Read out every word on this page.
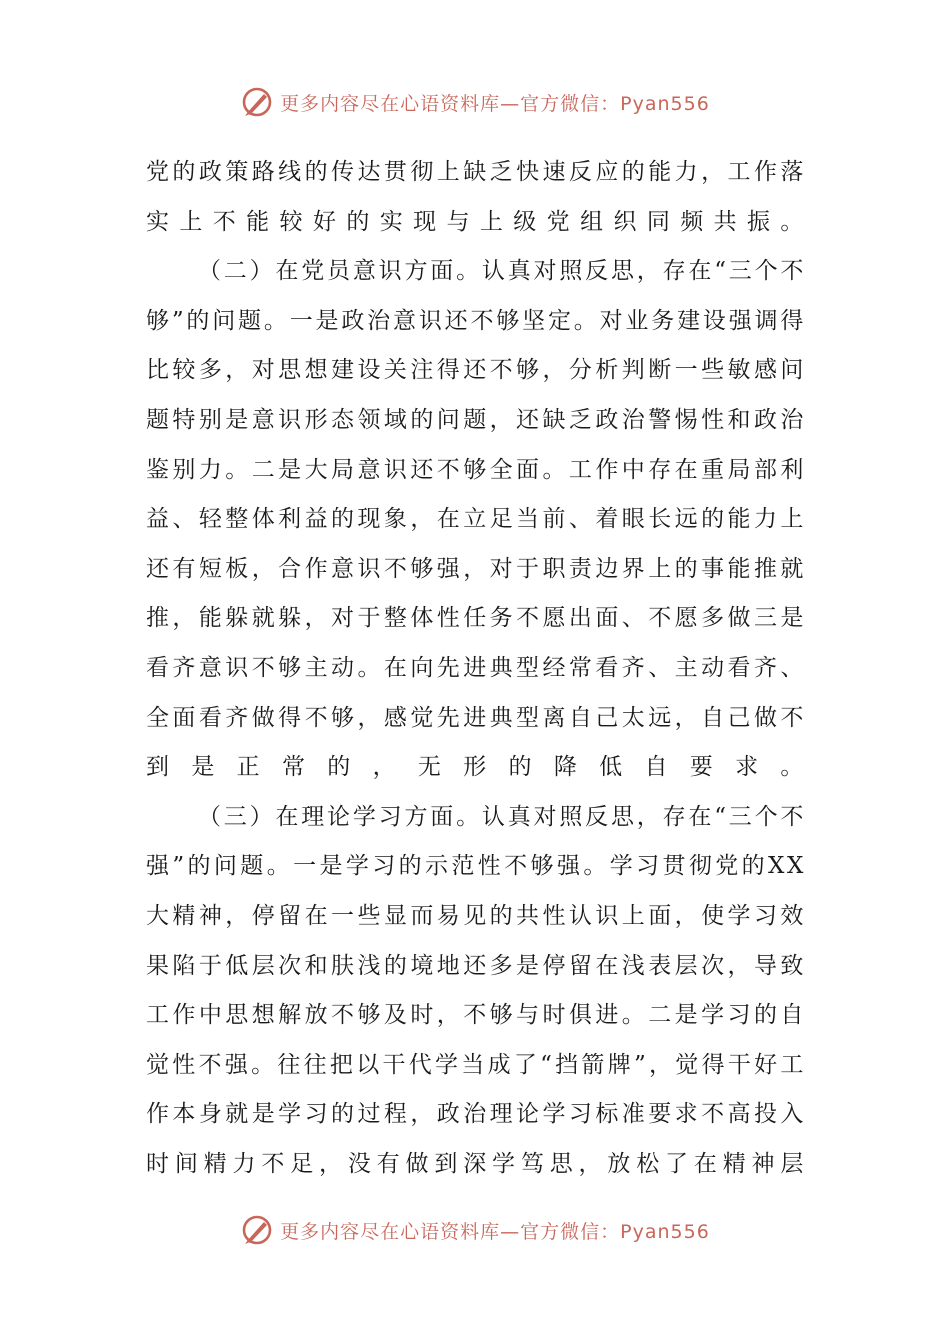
更多内容尽在心语资料库—官方微信：Pyan556

党的政策路线的传达贯彻上缺乏快速反应的能力，工作落实上不能较好的实现与上级党组织同频共振。

（二）在党员意识方面。认真对照反思，存在“三个不够”的问题。一是政治意识还不够坚定。对业务建设强调得比较多，对思想建设关注得还不够，分析判断一些敏感问题特别是意识形态领域的问题，还缺乏政治警惕性和政治鉴别力。二是大局意识还不够全面。工作中存在重局部利益、轻整体利益的现象，在立足当前、着眼长远的能力上还有短板，合作意识不够强，对于职责边界上的事能推就推，能躲就躲，对于整体性任务不愿出面、不愿多做三是看齐意识不够主动。在向先进典型经常看齐、主动看齐、全面看齐做得不够，感觉先进典型离自己太远，自己做不到是正常的，无形的降低自要求。

（三）在理论学习方面。认真对照反思，存在“三个不强”的问题。一是学习的示范性不够强。学习贯彻党的XX大精神，停留在一些显而易见的共性认识上面，使学习效果陷于低层次和肤浅的境地还多是停留在浅表层次，导致工作中思想解放不够及时，不够与时俱进。二是学习的自觉性不强。往往把以干代学当成了“挡箭牌”，觉得干好工作本身就是学习的过程，政治理论学习标准要求不高投入时间精力不足，没有做到深学笃思，放松了在精神层

更多内容尽在心语资料库—官方微信：Pyan556
